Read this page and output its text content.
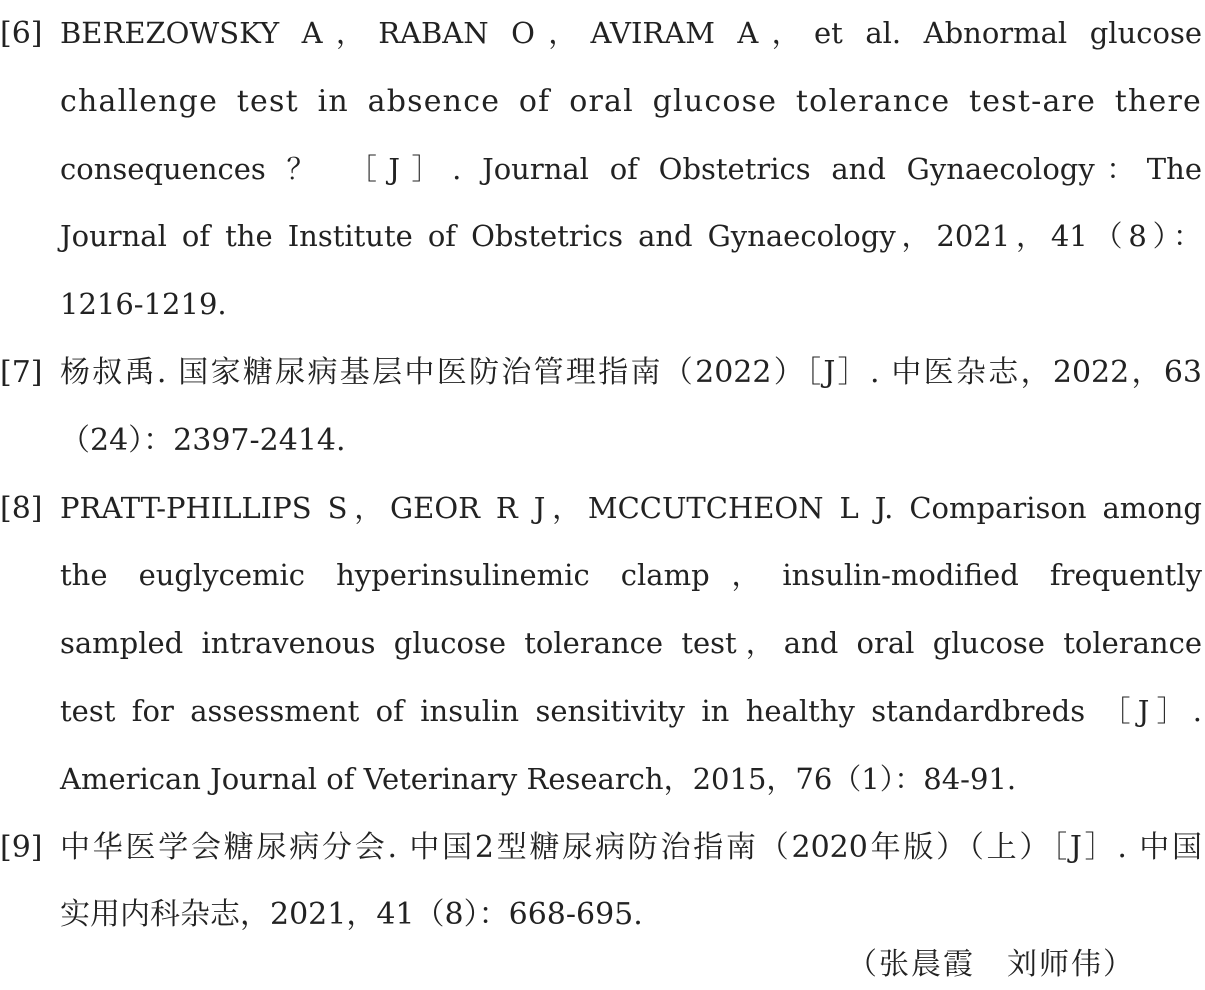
[6] BEREZOWSKY A，RABAN O，AVIRAM A，et al. Abnormal glucose
challenge test in absence of oral glucose tolerance test-are there
consequences ？ ［J］. Journal of Obstetrics and Gynaecology：The
Journal of the Institute of Obstetrics and Gynaecology，2021，41（8）：
1216-1219.
[7] 杨叔禹. 国家糖尿病基层中医防治管理指南（2022）［J］. 中医杂志，2022，63
（24）：2397-2414.
[8] PRATT-PHILLIPS S，GEOR R J，MCCUTCHEON L J. Comparison among
the euglycemic hyperinsulinemic clamp，insulin-modified frequently
sampled intravenous glucose tolerance test，and oral glucose tolerance
test for assessment of insulin sensitivity in healthy standardbreds ［J］.
American Journal of Veterinary Research，2015，76（1）：84-91.
[9] 中华医学会糖尿病分会. 中国2型糖尿病防治指南（2020年版）（上）［J］. 中国
实用内科杂志，2021，41（8）：668-695.
（张晨霞　刘师伟）
